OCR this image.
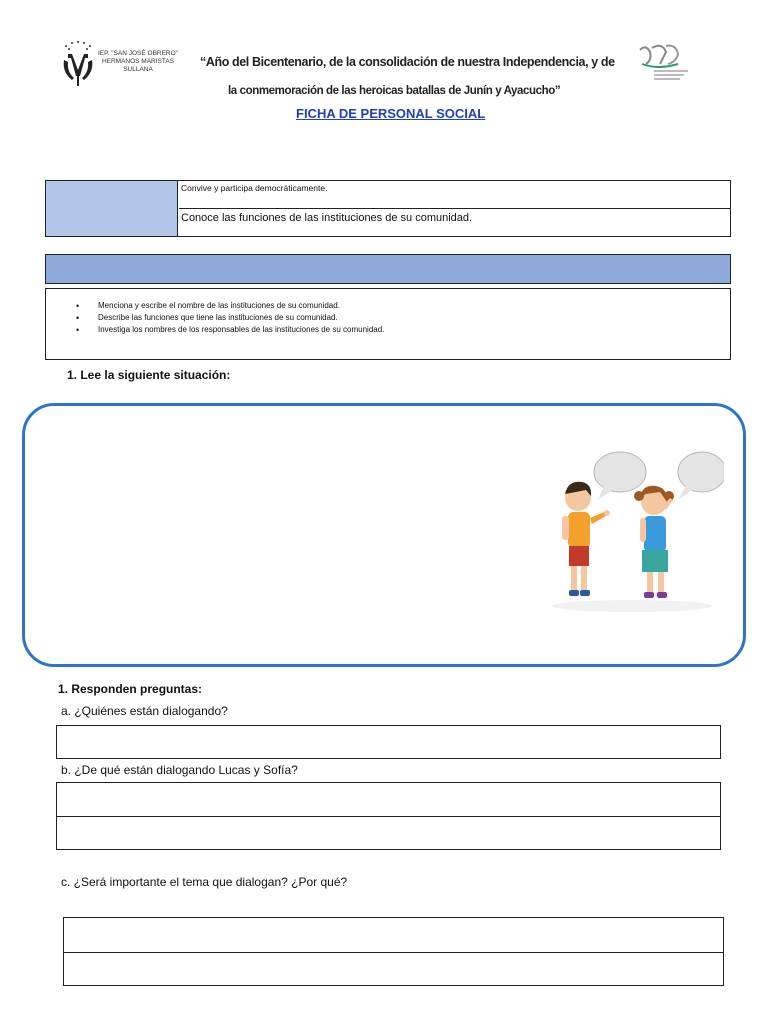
IEP. "SAN JOSÉ OBRERO" HERMANOS MARISTAS SULLANA
“Año del Bicentenario, de la consolidación de nuestra Independencia, y de
la conmemoración de las heroicas batallas de Junín y Ayacucho”
FICHA DE PERSONAL SOCIAL
Convive y participa democráticamente.
Conoce las funciones de las instituciones de su comunidad.
• Menciona y escribe el nombre de las instituciones de su comunidad.
• Describe las funciones que tiene las instituciones de su comunidad.
• Investiga los nombres de los responsables de las instituciones de su comunidad.
1. Lee la siguiente situación:
1. Responden preguntas:
a. ¿Quiénes están dialogando?
b. ¿De qué están dialogando Lucas y Sofía?
c. ¿Será importante el tema que dialogan? ¿Por qué?
